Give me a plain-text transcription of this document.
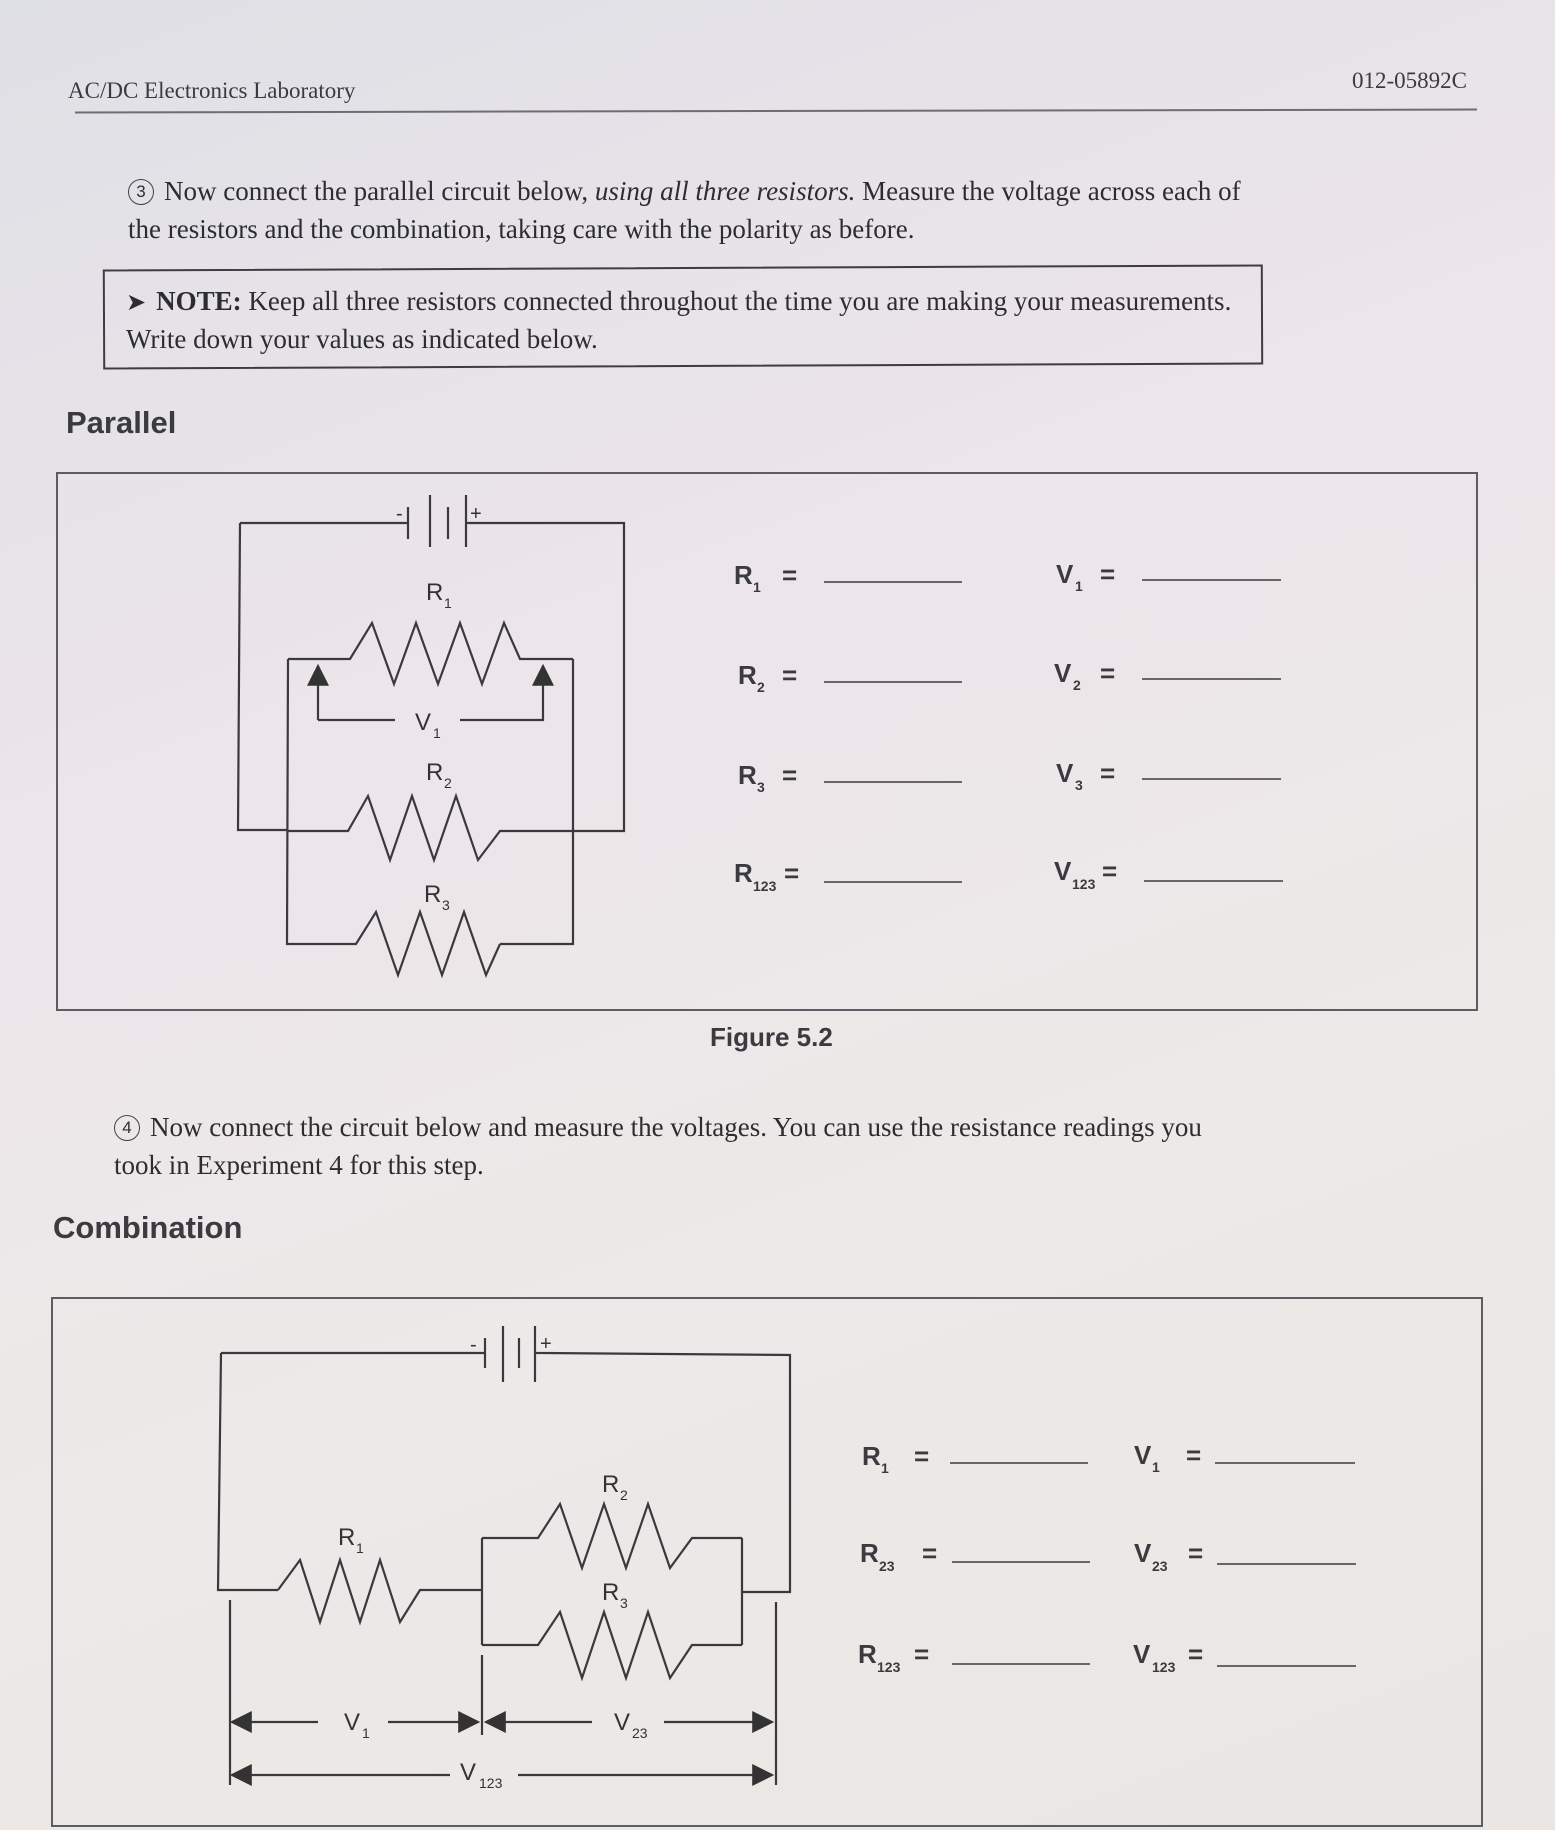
AC/DC Electronics Laboratory	012-05892C
3 Now connect the parallel circuit below, using all three resistors. Measure the voltage across each of the resistors and the combination, taking care with the polarity as before.
➤ NOTE: Keep all three resistors connected throughout the time you are making your measurements. Write down your values as indicated below.
Parallel
-	+
R 1
V 1
R 2
R 3
R 1 =	V 1 =
R 2 =	V 2 =
R 3 =	V 3 =
R 123 =	V 123 =
-	+
R 1
R 2
R 3
V 1	V 23
V 123
R 1 =	V 1 =
R 23 =	V 23 =
R 123 =	V 123 =
Figure 5.2
4 Now connect the circuit below and measure the voltages. You can use the resistance readings you took in Experiment 4 for this step.
Combination
